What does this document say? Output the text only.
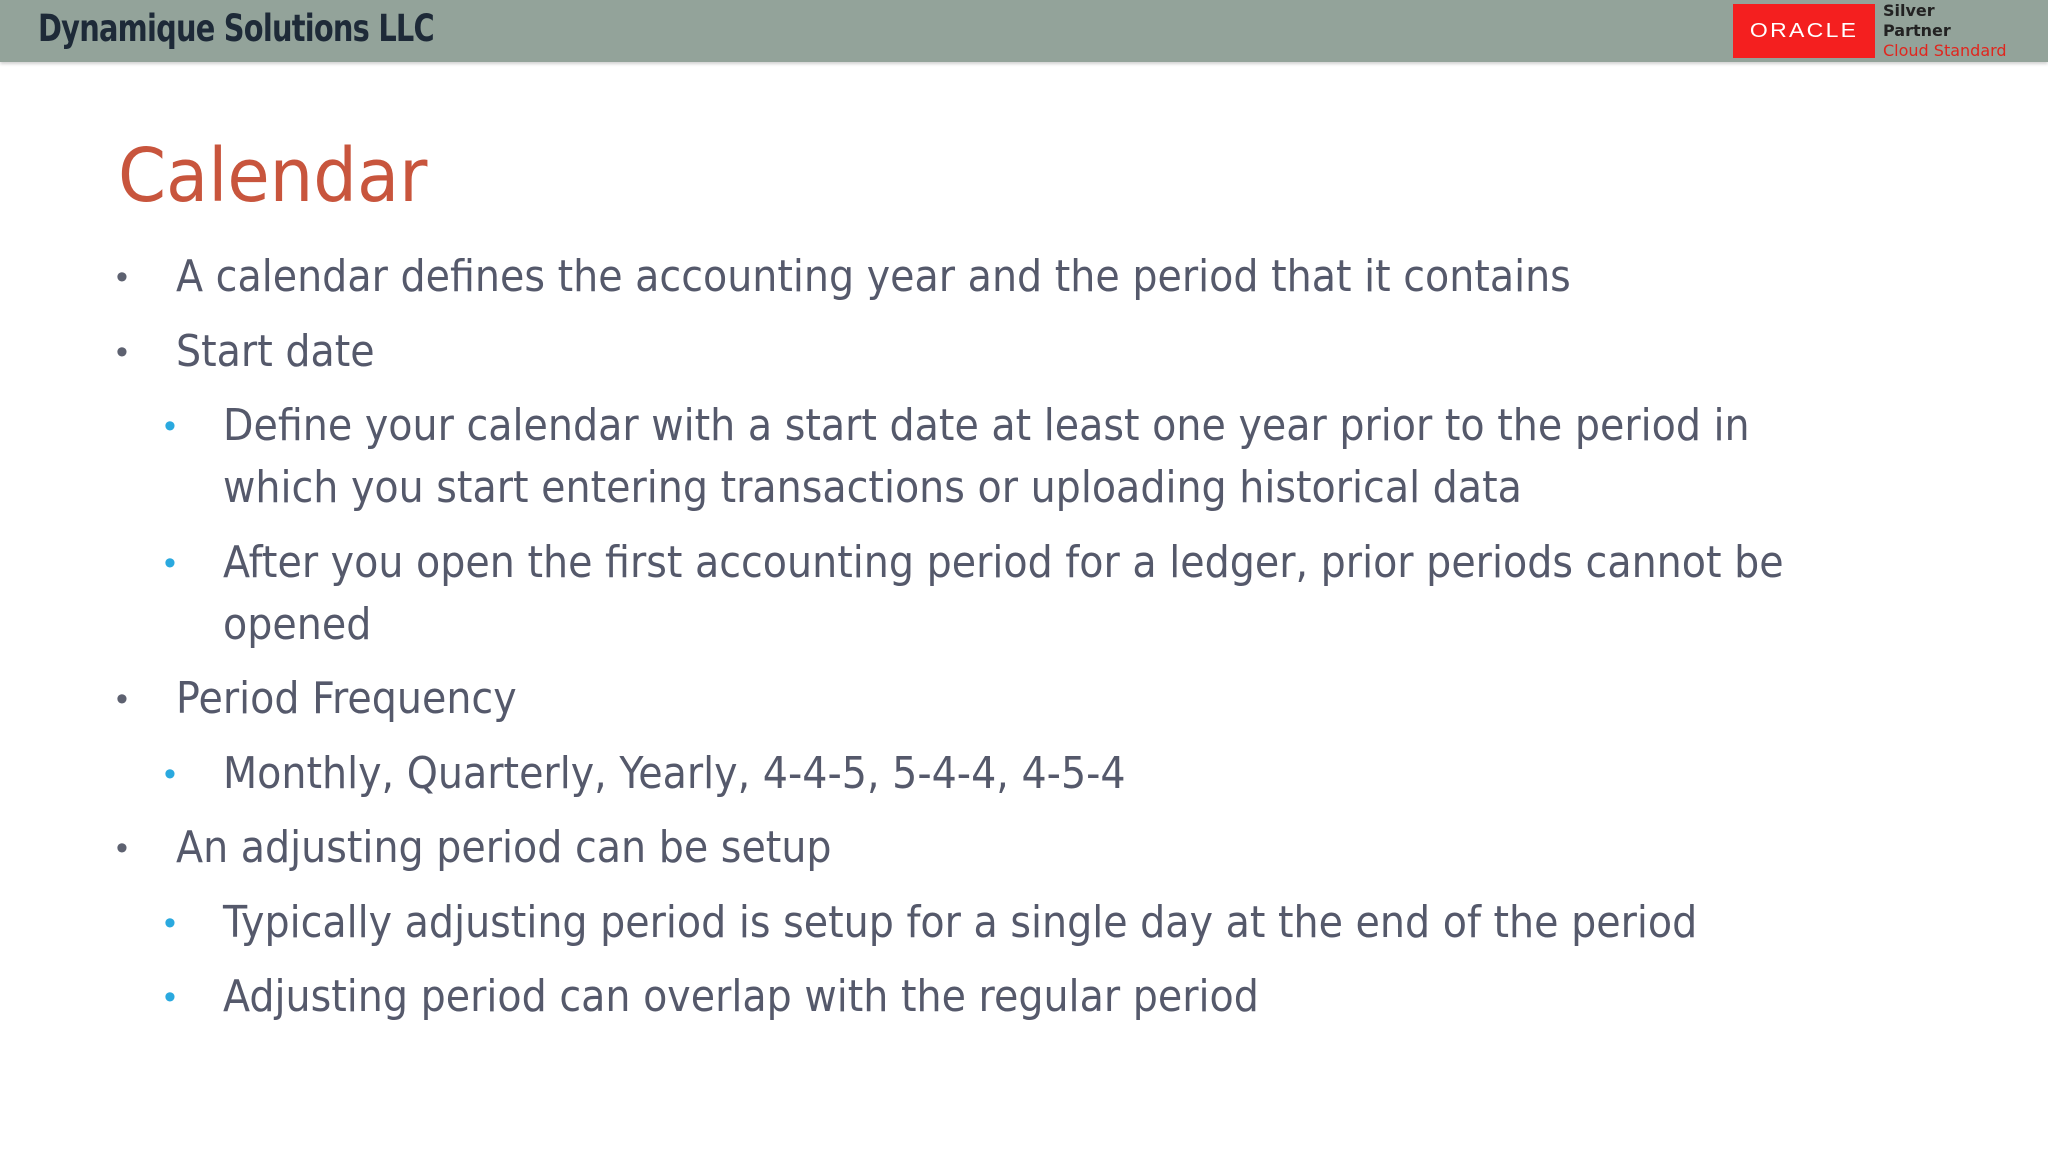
Dynamique Solutions LLC	ORACLE
Silver
Partner
Cloud Standard
Calendar
• A calendar defines the accounting year and the period that it contains
• Start date
• Define your calendar with a start date at least one year prior to the period in
which you start entering transactions or uploading historical data
• After you open the first accounting period for a ledger, prior periods cannot be
opened
• Period Frequency
• Monthly, Quarterly, Yearly, 4-4-5, 5-4-4, 4-5-4
• An adjusting period can be setup
• Typically adjusting period is setup for a single day at the end of the period
• Adjusting period can overlap with the regular period
